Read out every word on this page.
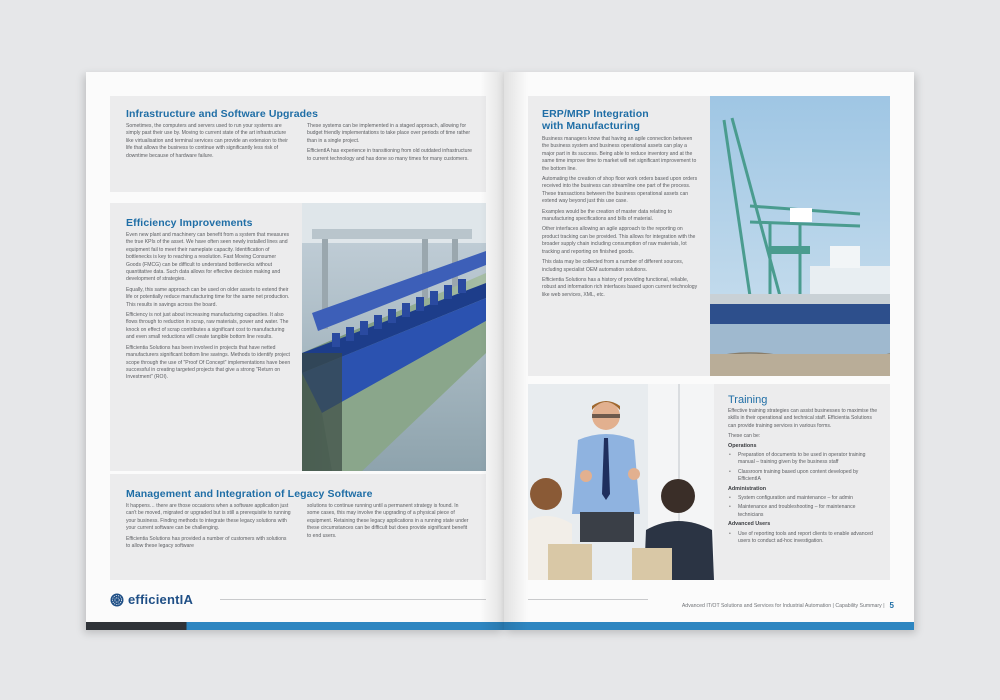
Infrastructure and Software Upgrades

Sometimes, the computers and servers used to run your systems are simply past their use by. Moving to current state of the art infrastructure like virtualisation and terminal services can provide an extension to their life that allows the business to continue with significantly less risk of downtime because of hardware failure.

These systems can be implemented in a staged approach, allowing for budget friendly implementations to take place over periods of time rather than in a single project.

EfficientIA has experience in transitioning from old outdated infrastructure to current technology and has done so many times for many customers.

Efficiency Improvements

Even new plant and machinery can benefit from a system that measures the true KPIs of the asset. We have often seen newly installed lines and equipment fail to meet their nameplate capacity. Identification of bottlenecks is key to reaching a resolution. Fast Moving Consumer Goods (FMCG) can be difficult to understand bottlenecks without quantitative data. Such data allows for effective decision making and development of strategies.

Equally, this same approach can be used on older assets to extend their life or potentially reduce manufacturing time for the same net production. This results in savings across the board.

Efficiency is not just about increasing manufacturing capacities. It also flows through to reduction in scrap, raw materials, power and water. The knock on effect of scrap contributes a significant cost to manufacturing and even small reductions will create tangible bottom line results.

Efficientia Solutions has been involved in projects that have netted manufacturers significant bottom line savings. Methods to identify project scope through the use of "Proof Of Concept" implementations have been successful in creating targeted projects that give a strong "Return on Investment" (ROI).

Management and Integration of Legacy Software

It happens… there are those occasions when a software application just can't be moved, migrated or upgraded but is still a prerequisite to running your business. Finding methods to integrate these legacy solutions with your current software can be challenging.

Efficientia Solutions has provided a number of customers with solutions to allow these legacy software

solutions to continue running until a permanent strategy is found. In some cases, this may involve the upgrading of a physical piece of equipment. Retaining these legacy applications in a running state under these circumstances can be difficult but does provide significant benefit to end users.

efficientIA
ERP/MRP Integration
with Manufacturing

Business managers know that having an agile connection between the business system and business operational assets can play a major part in its success. Being able to reduce inventory and at the same time improve time to market will net significant improvement to the bottom line.

Automating the creation of shop floor work orders based upon orders received into the business can streamline one part of the process. These transactions between the business operational assets can extend way beyond just this use case.

Examples would be the creation of master data relating to manufacturing specifications and bills of material.

Other interfaces allowing an agile approach to the reporting on product tracking can be provided. This allows for integration with the broader supply chain including consumption of raw materials, lot tracking and reporting on finished goods.

This data may be collected from a number of different sources, including specialist OEM automation solutions.

Efficientia Solutions has a history of providing functional, reliable, robust and information rich interfaces based upon current technology like web services, XML, etc.

Training

Effective training strategies can assist businesses to maximise the skills in their operational and technical staff. Efficientia Solutions can provide training services in various forms.

These can be:

Operations
• Preparation of documents to be used in operator training manual – training given by the business staff
• Classroom training based upon content developed by EfficientIA
Administration
• System configuration and maintenance – for admin
• Maintenance and troubleshooting – for maintenance technicians
Advanced Users
• Use of reporting tools and report clients to enable advanced users to conduct ad-hoc investigation.
Advanced IT/OT Solutions and Services for Industrial Automation | Capability Summary | 5
